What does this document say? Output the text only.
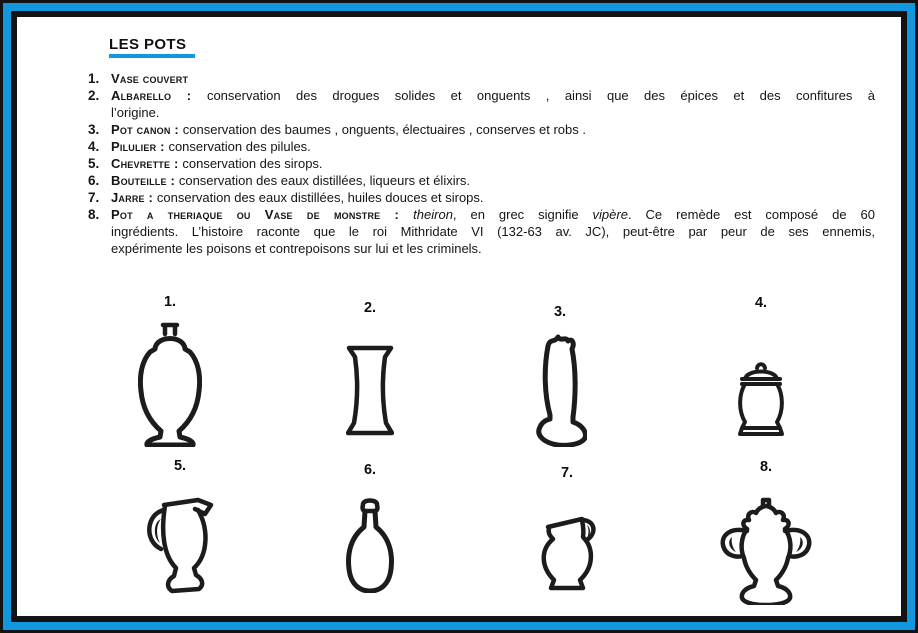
LES POTS
1. Vase couvert
2. Albarello : conservation des drogues solides et onguents , ainsi que des épices et des confitures à
l’origine.
3. Pot canon : conservation des baumes , onguents, électuaires , conserves et robs .
4. Pilulier : conservation des pilules.
5. Chevrette : conservation des sirops.
6. Bouteille : conservation des eaux distillées, liqueurs et élixirs.
7. Jarre : conservation des eaux distillées, huiles douces et sirops.
8. Pot a theriaque ou Vase de monstre : theiron, en grec signifie vipère. Ce remède est composé de 60
ingrédients. L’histoire raconte que le roi Mithridate VI (132-63 av. JC), peut-être par peur de ses ennemis,
expérimente les poisons et contrepoisons sur lui et les criminels.
1.	2.	3.
4.
5.	6.	7.	8.
